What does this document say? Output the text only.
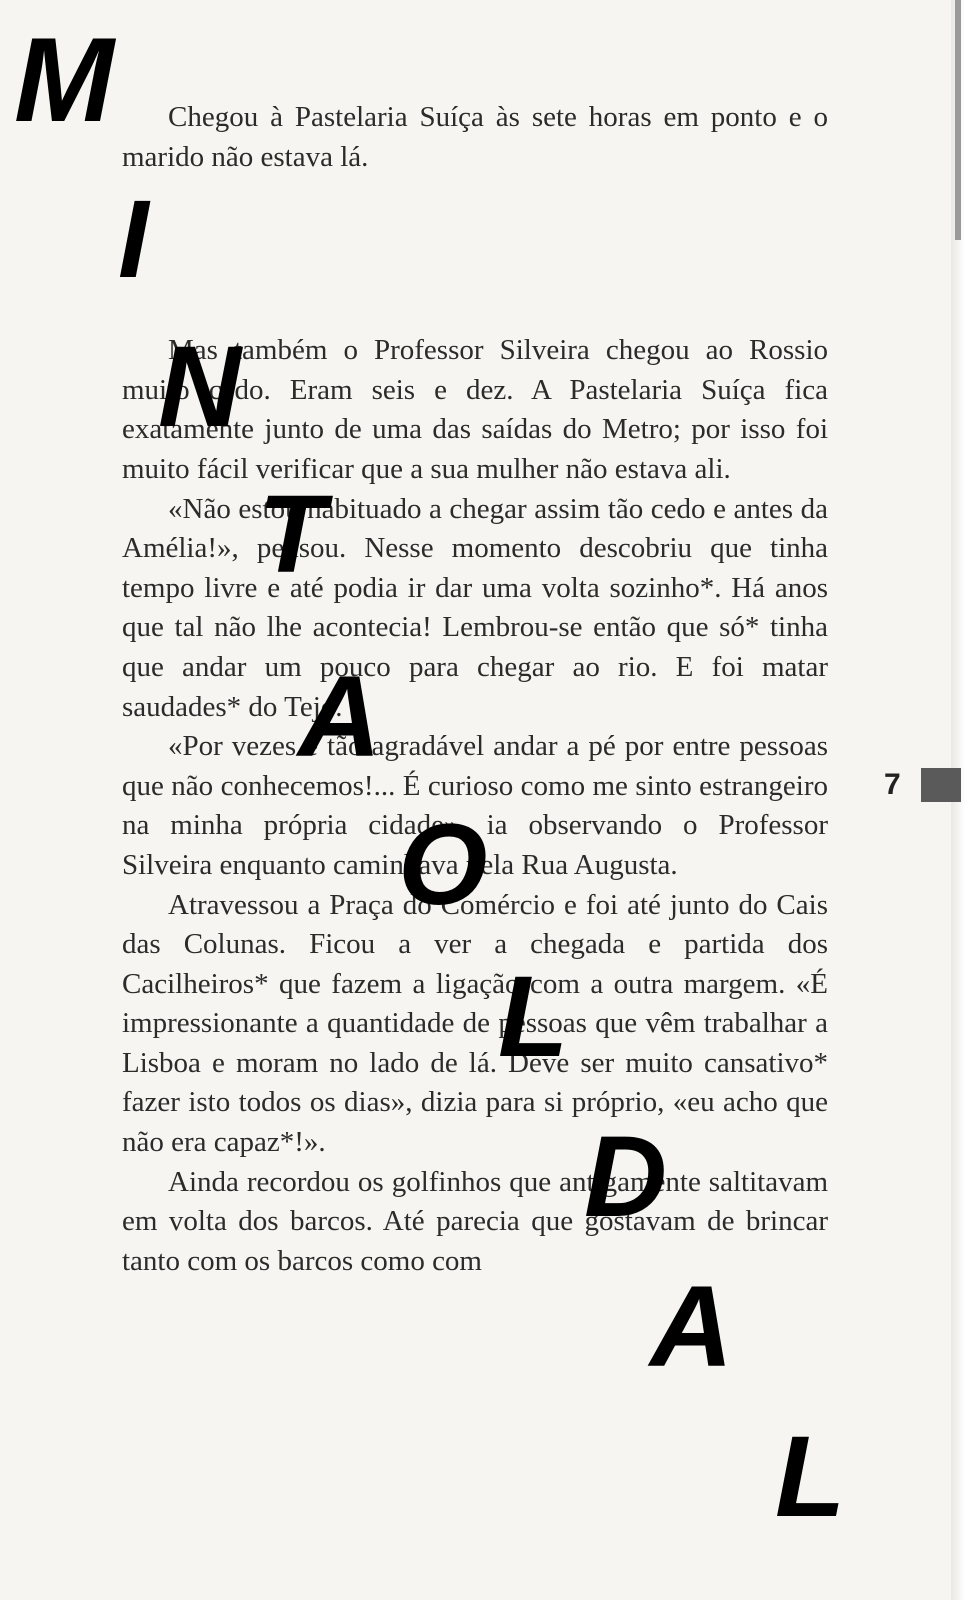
Chegou à Pastelaria Suíça às sete horas em ponto e o marido não estava lá.

Mas também o Professor Silveira chegou ao Rossio muito cedo. Eram seis e dez. A Pastelaria Suíça fica exatamente junto de uma das saídas do Metro; por isso foi muito fácil verificar que a sua mulher não estava ali.

«Não estou habituado a chegar assim tão cedo e antes da Amélia!», pensou. Nesse momento descobriu que tinha tempo livre e até podia ir dar uma volta sozinho*. Há anos que tal não lhe acontecia! Lembrou-se então que só* tinha que andar um pouco para chegar ao rio. E foi matar saudades* do Tejo.

«Por vezes é tão agradável andar a pé por entre pessoas que não conhecemos!... É curioso como me sinto estrangeiro na minha própria cidade», ia observando o Professor Silveira enquanto caminhava pela Rua Augusta.

Atravessou a Praça do Comércio e foi até junto do Cais das Colunas. Ficou a ver a chegada e partida dos Cacilheiros* que fazem a ligação com a outra margem. «É impressionante a quantidade de pessoas que vêm trabalhar a Lisboa e moram no lado de lá. Deve ser muito cansativo* fazer isto todos os dias», dizia para si próprio, «eu acho que não era capaz*!».

Ainda recordou os golfinhos que antigamente saltitavam em volta dos barcos. Até parecia que gostavam de brincar tanto com os barcos como com

7
M
I
N
T
A
O
L
D
A
L
